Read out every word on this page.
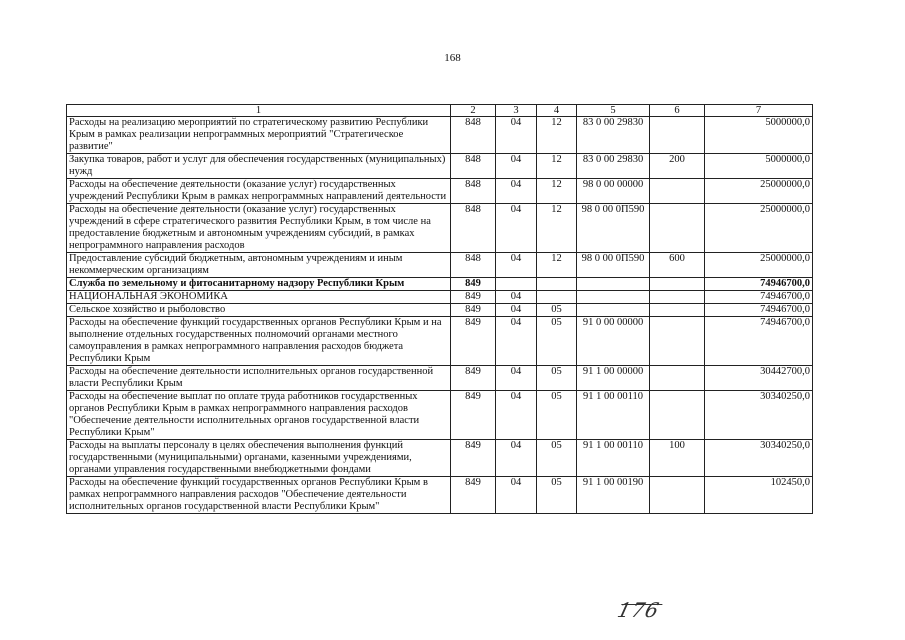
168
1	2	3	4	5	6	7
Расходы на реализацию мероприятий по стратегическому развитию Республики Крым в рамках реализации непрограммных мероприятий "Стратегическое развитие"	848	04	12	83 0 00 29830		5000000,0
Закупка товаров, работ и услуг для обеспечения государственных (муниципальных) нужд	848	04	12	83 0 00 29830	200	5000000,0
Расходы на обеспечение деятельности (оказание услуг) государственных учреждений Республики Крым в рамках непрограммных направлений деятельности	848	04	12	98 0 00 00000		25000000,0
Расходы на обеспечение деятельности (оказание услуг) государственных учреждений в сфере стратегического развития Республики Крым, в том числе на предоставление бюджетным и автономным учреждениям субсидий, в рамках непрограммного направления расходов	848	04	12	98 0 00 0П590		25000000,0
Предоставление субсидий бюджетным, автономным учреждениям и иным некоммерческим организациям	848	04	12	98 0 00 0П590	600	25000000,0
Служба по земельному и фитосанитарному надзору Республики Крым	849					74946700,0
НАЦИОНАЛЬНАЯ ЭКОНОМИКА	849	04				74946700,0
Сельское хозяйство и рыболовство	849	04	05			74946700,0
Расходы на обеспечение функций государственных органов Республики Крым и на выполнение отдельных государственных полномочий органами местного самоуправления в рамках непрограммного направления расходов бюджета Республики Крым	849	04	05	91 0 00 00000		74946700,0
Расходы на обеспечение деятельности исполнительных органов государственной власти Республики Крым	849	04	05	91 1 00 00000		30442700,0
Расходы на обеспечение выплат по оплате труда работников государственных органов Республики Крым в рамках непрограммного направления расходов "Обеспечение деятельности исполнительных органов государственной власти Республики Крым"	849	04	05	91 1 00 00110		30340250,0
Расходы на выплаты персоналу в целях обеспечения выполнения функций государственными (муниципальными) органами, казенными учреждениями, органами управления государственными внебюджетными фондами	849	04	05	91 1 00 00110	100	30340250,0
Расходы на обеспечение функций государственных органов Республики Крым в рамках непрограммного направления расходов "Обеспечение деятельности исполнительных органов государственной власти Республики Крым"	849	04	05	91 1 00 00190		102450,0
176
